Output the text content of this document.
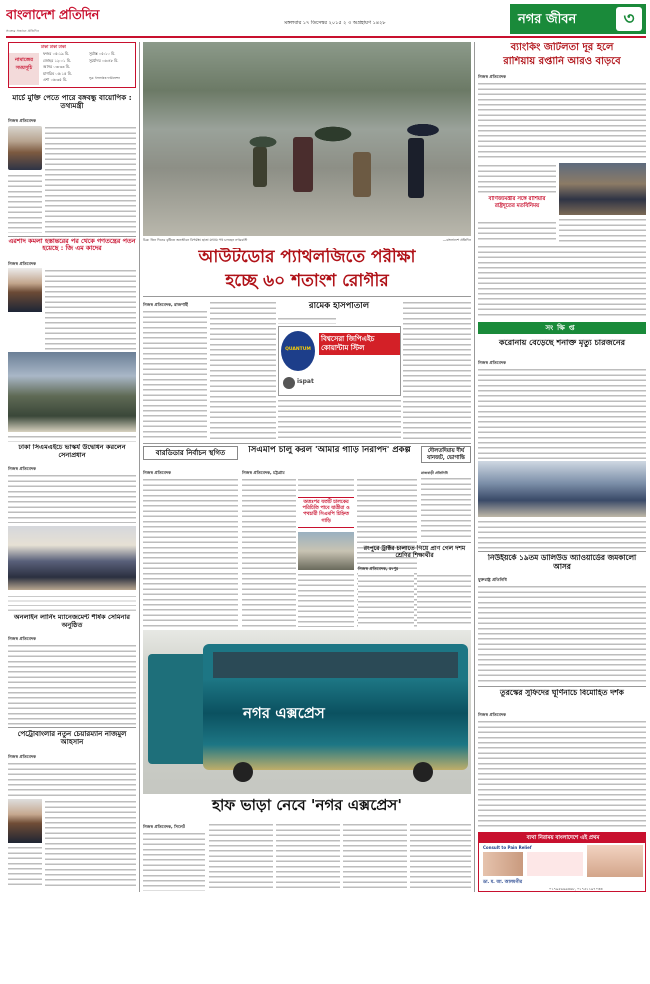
বাংলাদেশ প্রতিদিন
সত্যের সন্ধানে প্রতিদিন
মঙ্গলবার ১৭ ডিসেম্বর ২০১৫ ২ ৩ অগ্রহায়ণ ১৪২৮	নগর জীবন	৩
ঢাকা ঢাকা ঢাকা
নামাজের সময়সূচি
ফজর ০৫:১৯ মি.
জোহর ১২:০১ মি.
আসর ০৩:৩৩ মি.
মাগরিব ০৫:১৫ মি.
এশা ০৬:৩৫ মি.
সূর্যাস্ত ০৫:১০ মি.
সূর্যোদয় ০৬:৪৮ মি.
সূত্র: ইসলামিক ফাউন্ডেশন
মার্চে মুক্তি পেতে পারে বঙ্গবন্ধু বায়োপিক : তথ্যমন্ত্রী
নিজস্ব প্রতিবেদক
এরশাদ কমলা হস্তান্তরের পর থেকে গণতন্ত্রের পতন হয়েছে : জি এম কাদের
নিজস্ব প্রতিবেদক
ঢাকা সিএমএইচে ভাস্কর্য উদ্বোধন করলেন সেনাপ্রধান
নিজস্ব প্রতিবেদক
অনলাইন লার্নিং ম্যানেজমেন্ট শীর্ষক সেমিনার অনুষ্ঠিত
নিজস্ব প্রতিবেদক
পেট্রোবাংলার নতুন চেয়ারম্যান নাজমুল আহসান
নিজস্ব প্রতিবেদক
চিত্র: তিন দিনের বৃষ্টিতে জনজীবন বিপর্যস্ত। ছাতা মাথায় পথ চলছেন নগরবাসী	—বাংলাদেশ প্রতিদিন
আউটডোর প্যাথলজিতে পরীক্ষা
হচ্ছে ৬০ শতাংশ রোগীর
নিজস্ব প্রতিবেদক, রাজশাহী	রামেক হাসপাতাল
QUANTUM
বিশ্বসেরা জিপিএইচ কোয়ান্টাম স্টিল
ispat
বারডিডার নির্বাচন স্থগিত
নিজস্ব প্রতিবেদক
সিএমপি চালু করল 'আমার গাড়ি নিরাপদ' প্রকল্প
নিজস্ব প্রতিবেদক, চট্টগ্রাম
অতঃপর যতটি চালকের পরিচিতি পাবে যাত্রীরা ও পথচারী সিএমপি চিহ্নিত গাড়ি
দৌলতদিয়ায় দীর্ঘ যানজট, ভোগান্তি
রাজবাড়ী প্রতিনিধি
রংপুরে ট্রাক্টর চালাতে গিয়ে প্রাণ গেল দশম শ্রেণির শিক্ষার্থীর
নিজস্ব প্রতিবেদক, রংপুর
নগর এক্সপ্রেস
হাফ ভাড়া নেবে 'নগর এক্সপ্রেস'
নিজস্ব প্রতিবেদক, সিলেট
ব্যাংকিং জটিলতা দূর হলে
রাশিয়ায় রপ্তানি আরও বাড়বে
নিজস্ব প্রতিবেদক
বাণিজ্যমন্ত্রীর সঙ্গে রাশিয়ার রাষ্ট্রদূতের মতবিনিময়
সংক্ষিপ্ত
করোনায় বেড়েছে শনাক্ত মৃত্যু চারজনের
নিজস্ব প্রতিবেদক
নিউইয়র্কে ১৯তম ডালিউড অ্যাওয়ার্ডের জমকালো আসর
যুক্তরাষ্ট্র প্রতিনিধি
তুরস্কের সুফিদের ঘূর্ণিনাচে বিমোহিত দর্শক
নিজস্ব প্রতিবেদক
ব্যথা নিরাময় বাংলাদেশে এই প্রথম
Consult to Pain Relief
ডা. ম. আ. আলমগীর
০১৭৯৫৬৬৯৩৬৮, ০১৭৫১১৯৭০৩৩
